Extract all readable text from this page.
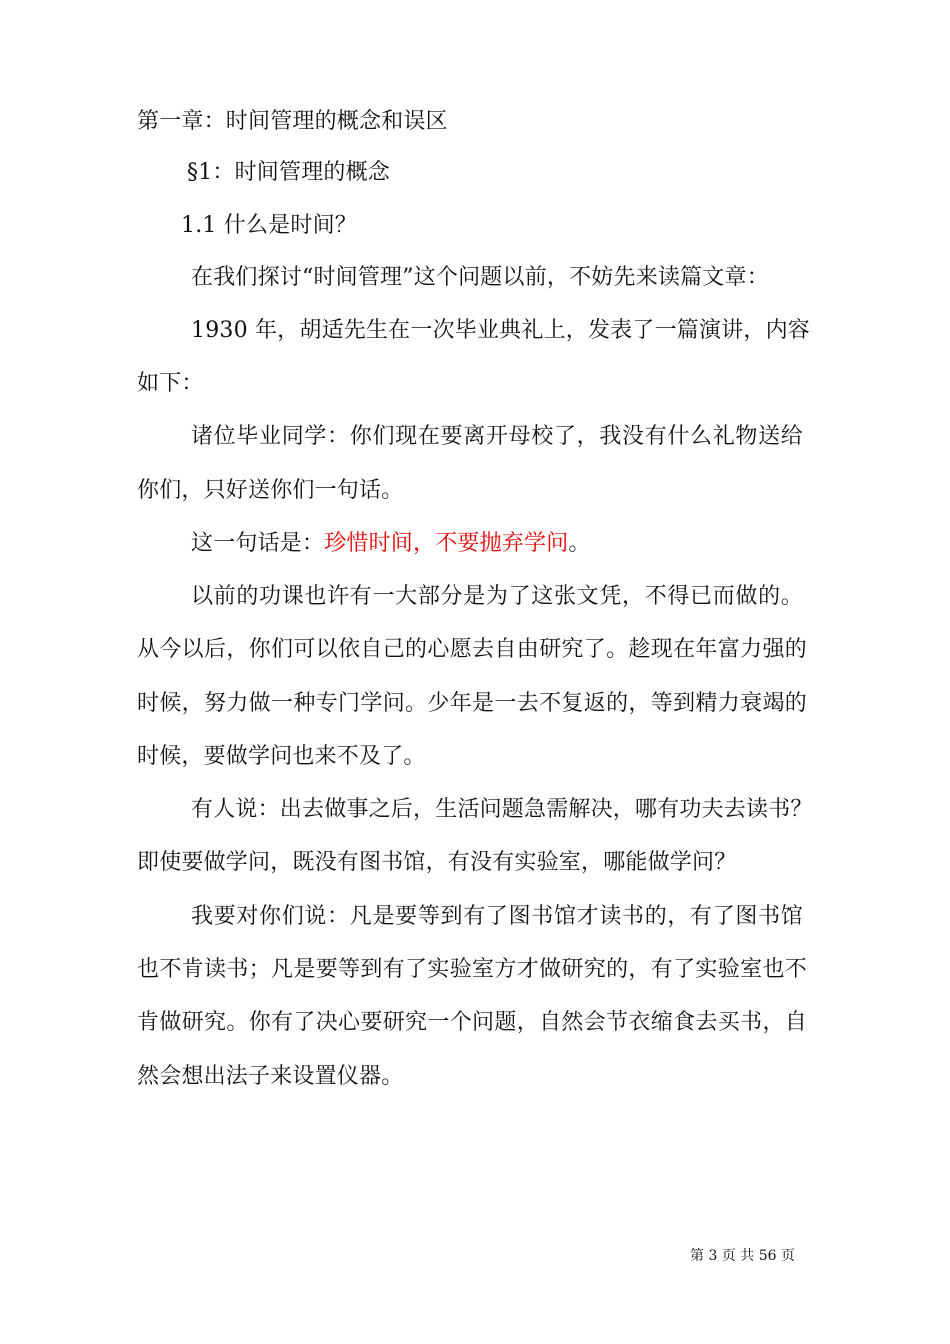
第一章：时间管理的概念和误区
§1：时间管理的概念
1.1 什么是时间？
在我们探讨“时间管理”这个问题以前，不妨先来读篇文章：
1930 年，胡适先生在一次毕业典礼上，发表了一篇演讲，内容
如下：
诸位毕业同学：你们现在要离开母校了，我没有什么礼物送给
你们，只好送你们一句话。
这一句话是：珍惜时间，不要抛弃学问。
以前的功课也许有一大部分是为了这张文凭，不得已而做的。
从今以后，你们可以依自己的心愿去自由研究了。趁现在年富力强的
时候，努力做一种专门学问。少年是一去不复返的，等到精力衰竭的
时候，要做学问也来不及了。
有人说：出去做事之后，生活问题急需解决，哪有功夫去读书？
即使要做学问，既没有图书馆，有没有实验室，哪能做学问？
我要对你们说：凡是要等到有了图书馆才读书的，有了图书馆
也不肯读书；凡是要等到有了实验室方才做研究的，有了实验室也不
肯做研究。你有了决心要研究一个问题，自然会节衣缩食去买书，自
然会想出法子来设置仪器。
第 3 页 共 56 页
